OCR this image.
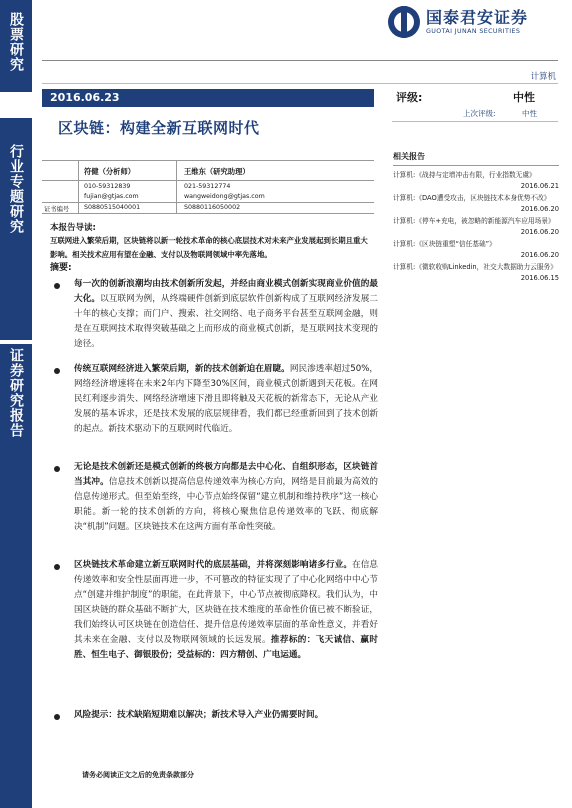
股票研究
行业专题研究
证券研究报告
国泰君安证券
GUOTAI JUNAN SECURITIES
计算机
2016.06.23
区块链：构建全新互联网时代
评级:	中性
上次评级:	中性
符健（分析师）	王维东（研究助理）
010-59312839	021-59312774
fujian@gtjas.com	wangweidong@gtjas.com
证书编号 S0880515040001	S0880116050002
相关报告
计算机:《战持与定增冲击有限，行业指数无虞》
2016.06.21
计算机:《DAO遭受攻击，区块链技术本身优势不改》
2016.06.20
计算机:《停车+充电，被忽略的新能源汽车应用场景》
2016.06.20
计算机:《区块链重塑“信任基础”》
2016.06.20
计算机:《微软收购Linkedin，社交大数据助力云服务》
2016.06.15
本报告导读:
互联网进入繁荣后期，区块链将以新一轮技术革命的核心底层技术对未来产业发展起到长期且重大影响。相关技术应用有望在金融、支付以及物联网领域中率先落地。
摘要:
每一次的创新浪潮均由技术创新所发起，并经由商业模式创新实现商业价值的最大化。以互联网为例，从终端硬件创新到底层软件创新构成了互联网经济发展二十年的核心支撑；而门户、搜索、社交网络、电子商务平台甚至互联网金融，则是在互联网技术取得突破基础之上而形成的商业模式创新，是互联网技术变现的途径。
传统互联网经济进入繁荣后期，新的技术创新迫在眉睫。网民渗透率超过50%，网络经济增速将在未来2年内下降至30%区间，商业模式创新遇到天花板。在网民红利逐步消失、网络经济增速下滑且即将触及天花板的新常态下，无论从产业发展的基本诉求，还是技术发展的底层规律看，我们都已经重新回到了技术创新的起点。新技术驱动下的互联网时代临近。
无论是技术创新还是模式创新的终极方向都是去中心化、自组织形态，区块链首当其冲。信息技术创新以提高信息传递效率为核心方向，网络是目前最为高效的信息传递形式。但至始至终，中心节点始终保留“建立机制和维持秩序”这一核心职能。新一轮的技术创新的方向，将核心聚焦信息传递效率的飞跃、彻底解决“机制”问题。区块链技术在这两方面有革命性突破。
区块链技术革命建立新互联网时代的底层基础，并将深刻影响诸多行业。在信息传递效率和安全性层面再进一步，不可篡改的特征实现了了中心化网络中中心节点“创建并维护制度”的职能，在此背景下，中心节点被彻底降权。我们认为，中国区块链的群众基础不断扩大，区块链在技术维度的革命性价值已被不断验证，我们始终认可区块链在创造信任、提升信息传递效率层面的革命性意义，并看好其未来在金融、支付以及物联网领域的长远发展。推荐标的：飞天诚信、赢时胜、恒生电子、御银股份；受益标的：四方精创、广电运通。
风险提示：技术缺陷短期难以解决；新技术导入产业仍需要时间。
请务必阅读正文之后的免责条款部分
